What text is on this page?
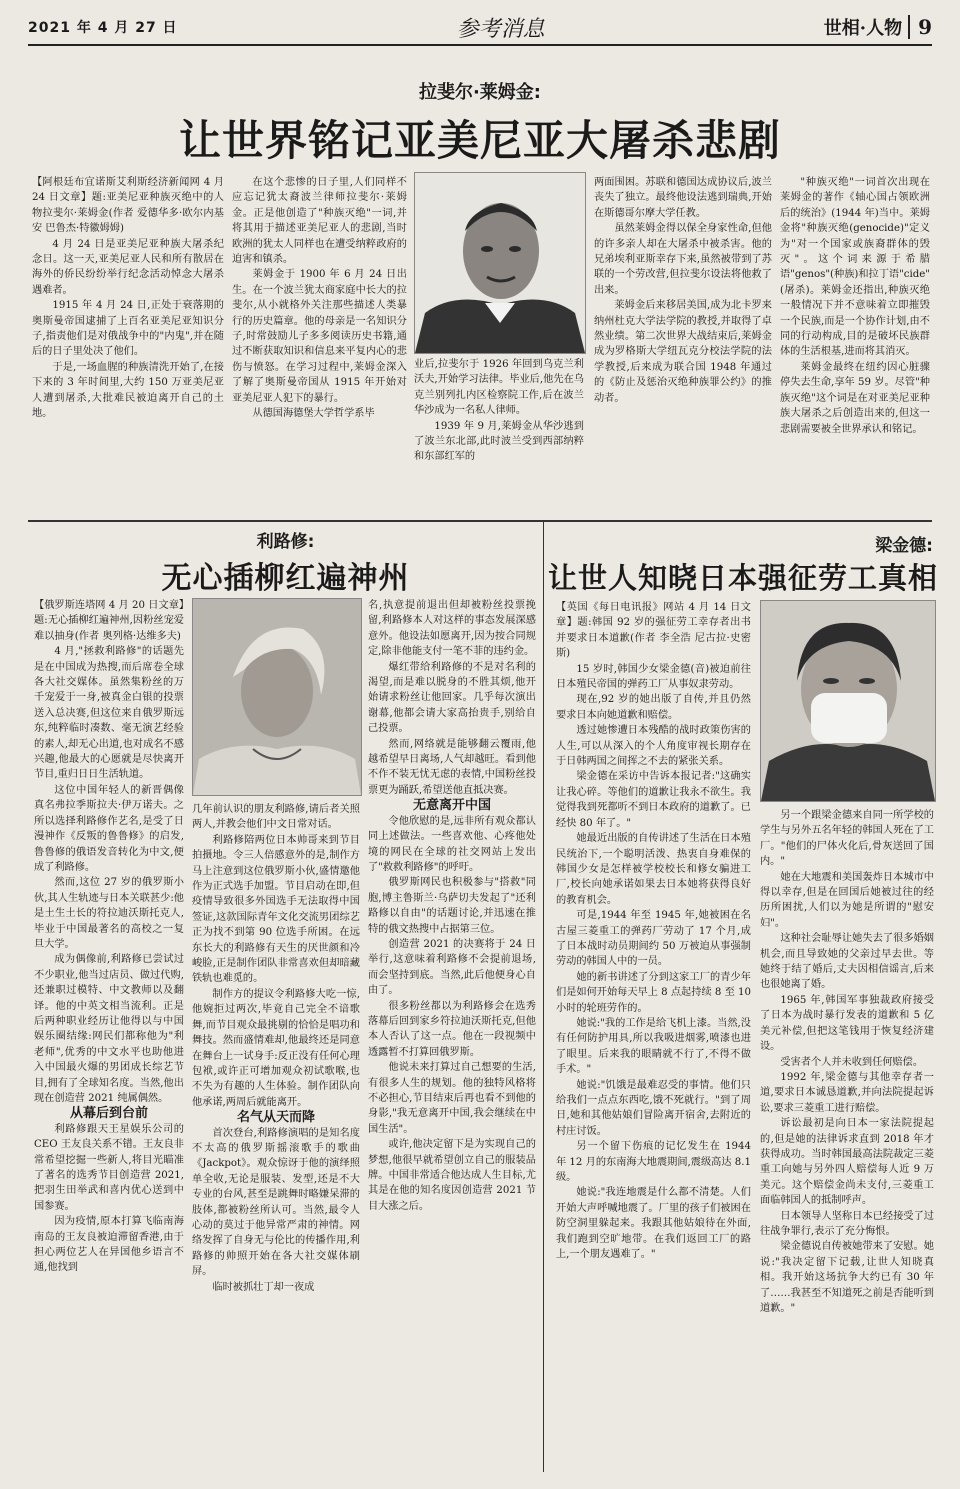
2021 年 4 月 27 日	参考消息	世相·人物 9
拉斐尔·莱姆金:
让世界铭记亚美尼亚大屠杀悲剧

【阿根廷布宜诺斯艾利斯经济新闻网 4 月 24 日文章】题:亚美尼亚种族灭绝中的人物拉斐尔·莱姆金(作者 爱德华多·欧尔内基安 巴鲁杰·特徽姆姆)

4 月 24 日是亚美尼亚种族大屠杀纪念日。这一天,亚美尼亚人民和所有散居在海外的侨民纷纷举行纪念活动悼念大屠杀遇难者。

1915 年 4 月 24 日,正处于衰落期的奥斯曼帝国逮捕了上百名亚美尼亚知识分子,指责他们是对俄战争中的"内鬼",并在随后的日子里处决了他们。

于是,一场血腥的种族清洗开始了,在接下来的 3 年时间里,大约 150 万亚美尼亚人遭到屠杀,大批难民被迫离开自己的土地。

在这个悲惨的日子里,人们同样不应忘记犹太裔波兰律师拉斐尔·莱姆金。正是他创造了"种族灭绝"一词,并将其用于描述亚美尼亚人的悲剧,当时欧洲的犹太人同样也在遭受纳粹政府的迫害和镇杀。

莱姆金于 1900 年 6 月 24 日出生。在一个波兰犹太商家庭中长大的拉斐尔,从小就格外关注那些描述人类暴行的历史篇章。他的母亲是一名知识分子,时常鼓励儿子多多阅读历史书籍,通过不断获取知识和信息来平复内心的悲伤与愤怒。在学习过程中,莱姆金深入了解了奥斯曼帝国从 1915 年开始对亚美尼亚人犯下的暴行。

从德国海德堡大学哲学系毕

业后,拉斐尔于 1926 年回到乌克兰利沃夫,开始学习法律。毕业后,他先在乌克兰别列扎内区检察院工作,后在波兰华沙成为一名私人律师。

1939 年 9 月,莱姆金从华沙逃到了波兰东北部,此时波兰受到西部纳粹和东部红军的

两面围困。苏联和德国达成协议后,波兰丧失了独立。最终他设法逃到瑞典,开始在斯德哥尔摩大学任教。

虽然莱姆金得以保全身家性命,但他的许多亲人却在大屠杀中被杀害。他的兄弟埃利亚斯幸存下来,虽然被带到了苏联的一个劳改营,但拉斐尔设法将他救了出来。

莱姆金后来移居美国,成为北卡罗来纳州杜克大学法学院的教授,并取得了卓然业绩。第二次世界大战结束后,莱姆金成为罗格斯大学纽瓦克分校法学院的法学教授,后来成为联合国 1948 年通过的《防止及惩治灭绝种族罪公约》的推动者。

"种族灭绝"一词首次出现在莱姆金的著作《轴心国占领欧洲后的统治》(1944 年)当中。莱姆金将"种族灭绝(genocide)"定义为"对一个国家或族裔群体的毁灭"。这个词来源于希腊语"genos"(种族)和拉丁语"cide"(屠杀)。莱姆金还指出,种族灭绝一般情况下并不意味着立即摧毁一个民族,而是一个协作计划,由不同的行动构成,目的是破坏民族群体的生活根基,进而将其消灭。

莱姆金最终在纽约因心脏骤停失去生命,享年 59 岁。尽管"种族灭绝"这个词是在对亚美尼亚种族大屠杀之后创造出来的,但这一悲剧需要被全世界承认和铭记。

利路修:
无心插柳红遍神州

【俄罗斯连塔网 4 月 20 日文章】题:无心插柳红遍神州,因粉丝宠爱难以抽身(作者 奥列格·达维多夫)

4 月,"拯救利路修"的话题先是在中国成为热搜,而后席卷全球各大社交媒体。虽然集粉丝的万千宠爱于一身,被真金白银的投票送入总决赛,但这位来自俄罗斯远东,纯粹临时凑数、毫无演艺经验的素人,却无心出道,也对成名不感兴趣,他最大的心愿就是尽快离开节目,重归日日生活轨道。

这位中国年轻人的新晋偶像真名弗拉季斯拉夫·伊万诺夫。之所以选择利路修作艺名,是受了日漫神作《反叛的鲁鲁修》的启发,鲁鲁修的俄语发音转化为中文,便成了利路修。

然而,这位 27 岁的俄罗斯小伙,其人生轨迹与日本关联甚少:他是土生土长的符拉迪沃斯托克人,毕业于中国最著名的高校之一复旦大学。

成为偶像前,利路修已尝试过不少职业,他当过店员、做过代购,还兼职过模特、中文教师以及翻译。他的中英文相当流利。正是后两种职业经历让他得以与中国娱乐圈结缘:网民们都称他为"利老师",优秀的中文水平也助他进入中国最火爆的男团成长综艺节目,拥有了全球知名度。当然,他出现在创造营 2021 纯属偶然。

从幕后到台前

利路修跟天王星娱乐公司的 CEO 王友良关系不错。王友良非常希望挖掘一些新人,将目光瞄准了著名的选秀节目创造营 2021,把羽生田举武和喜内优心送到中国参赛。

因为疫情,原本打算飞临南海南岛的王友良被迫滞留香港,由于担心两位艺人在异国他乡语言不通,他找到

几年前认识的朋友利路修,请后者关照两人,并教会他们中文日常对话。

利路修陪两位日本帅哥来到节目拍摄地。令三人倍感意外的是,制作方马上注意到这位俄罗斯小伙,盛情邀他作为正式选手加盟。节目启动在即,但疫情导致很多外国选手无法取得中国签证,这款国际青年文化交流男团综艺正为找不到第 90 位选手所困。在远东长大的利路修有天生的厌世颜和冷峻脸,正是制作团队非常喜欢但却暗藏铁轨也难觅的。

制作方的提议令利路修大吃一惊,他婉拒过两次,毕竟自己完全不谙歌舞,而节目观众最挑剔的恰恰是唱功和舞技。然而盛情难却,他最终还是同意在舞台上一试身手:反正没有任何心理包袱,或许正可增加观众初试歌喉,也不失为有趣的人生体验。制作团队向他承诺,两周后就能离开。

名气从天而降

首次登台,利路修演唱的是知名度不太高的俄罗斯摇滚歌手的歌曲《Jackpot》。观众惊讶于他的演绎照单全收,无论是服装、发型,还是不大专业的台风,甚至是跳舞时略嫌呆滞的肢体,都被粉丝所认可。当然,最令人心动的莫过于他异常严肃的神情。网络发挥了自身无与伦比的传播作用,利路修的帅照开始在各大社交媒体刷屏。

临时被抓壮丁却一夜成

名,执意提前退出但却被粉丝投票挽留,利路修本人对这样的事态发展深感意外。他设法如愿离开,因为按合同规定,除非他能支付一笔不菲的违约金。

爆红带给利路修的不是对名利的渴望,而是难以脱身的不胜其烦,他开始请求粉丝让他回家。几乎每次演出谢幕,他都会请大家高抬贵手,别给自己投票。

然而,网络就是能够翻云覆雨,他越希望早日离场,人气却越旺。看到他不作不装无忧无虑的表情,中国粉丝投票更为踊跃,希望送他直抵决赛。

无意离开中国

令他欣慰的是,远非所有观众都认同上述做法。一些喜欢他、心疼他处境的网民在全球的社交网站上发出了"救救利路修"的呼吁。

俄罗斯网民也积极参与"搭救"同胞,博主鲁斯兰·乌萨切夫发起了"还利路修以自由"的话题讨论,并迅速在推特的俄文热搜中占据第三位。

创造营 2021 的决赛将于 24 日举行,这意味着利路修不会提前退场,而会坚持到底。当然,此后他便身心自由了。

很多粉丝都以为利路修会在选秀落幕后回到家乡符拉迪沃斯托克,但他本人否认了这一点。他在一段视频中透露暂不打算回俄罗斯。

他说未来打算过自己想要的生活,有很多人生的规划。他的独特风格将不必担心,节目结束后再也看不到他的身影,"我无意离开中国,我会继续在中国生活"。

或许,他决定留下是为实现自己的梦想,他很早就希望创立自己的服装品牌。中国非常适合他达成人生目标,尤其是在他的知名度因创造营 2021 节目大涨之后。

梁金德:
让世人知晓日本强征劳工真相

【英国《每日电讯报》网站 4 月 14 日文章】题:韩国 92 岁的强征劳工幸存者出书并要求日本道歉(作者 李全浩 尼古拉·史密斯)

15 岁时,韩国少女梁金德(音)被迫前往日本殖民帝国的弹药工厂从事奴隶劳动。

现在,92 岁的她出版了自传,并且仍然要求日本向她道歉和赔偿。

透过她惨遭日本残酷的战时政策伤害的人生,可以从深入的个人角度审视长期存在于日韩两国之间挥之不去的紧张关系。

梁金德在采访中告诉本报记者:"这确实让我心碎。等他们的道歉让我永不欲生。我觉得我到死都听不到日本政府的道歉了。已经快 80 年了。"

她最近出版的自传讲述了生活在日本殖民统治下,一个聪明活泼、热衷自身难保的韩国少女是怎样被学校校长和修女骗进工厂,校长向她承诺如果去日本她将获得良好的教育机会。

可是,1944 年至 1945 年,她被困在名古屋三菱重工的弹药厂劳动了 17 个月,成了日本战时动员期间约 50 万被迫从事强制劳动的韩国人中的一员。

她的新书讲述了分到这家工厂的青少年们是如何开始每天早上 8 点起持续 8 至 10 小时的轮班劳作的。

她说:"我的工作是给飞机上漆。当然,没有任何防护用具,所以我吸进烟雾,喷漆也进了眼里。后来我的眼睛就不行了,不得不做手术。"

她说:"饥饿是最难忍受的事情。他们只给我们一点点东西吃,饿不死就行。"到了周日,她和其他姑娘们冒险离开宿舍,去附近的村庄讨饭。

另一个留下伤痕的记忆发生在 1944 年 12 月的东南海大地震期间,震级高达 8.1 级。

她说:"我连地震是什么都不清楚。人们开始大声呼喊地震了。厂里的孩子们被困在防空洞里躲起来。我跟其他姑娘待在外面,我们跑到空旷地带。在我们返回工厂的路上,一个朋友遇难了。"

另一个跟梁金德来自同一所学校的学生与另外五名年轻的韩国人死在了工厂。"他们的尸体火化后,骨灰送回了国内。"

她在大地震和美国轰炸日本城市中得以幸存,但是在回国后她被过往的经历所困扰,人们以为她是所谓的"慰安妇"。

这种社会耻辱让她失去了很多婚姻机会,而且导致她的父亲过早去世。等她终于结了婚后,丈夫因相信谣言,后来也很她离了婚。

1965 年,韩国军事独裁政府接受了日本为战时暴行发表的道歉和 5 亿美元补偿,但把这笔钱用于恢复经济建设。

受害者个人并未收到任何赔偿。

1992 年,梁金德与其他幸存者一道,要求日本诚恳道歉,并向法院提起诉讼,要求三菱重工进行赔偿。

诉讼最初是向日本一家法院提起的,但是她的法律诉求直到 2018 年才获得成功。当时韩国最高法院裁定三菱重工向她与另外四人赔偿每人近 9 万美元。这个赔偿金尚未支付,三菱重工面临韩国人的抵制呼声。

日本领导人坚称日本已经接受了过往战争罪行,表示了充分悔恨。

梁金德说自传被她带来了安慰。她说:"我决定留下记载,让世人知晓真相。我开始这场抗争大约已有 30 年了……我甚至不知道死之前是否能听到道歉。"
